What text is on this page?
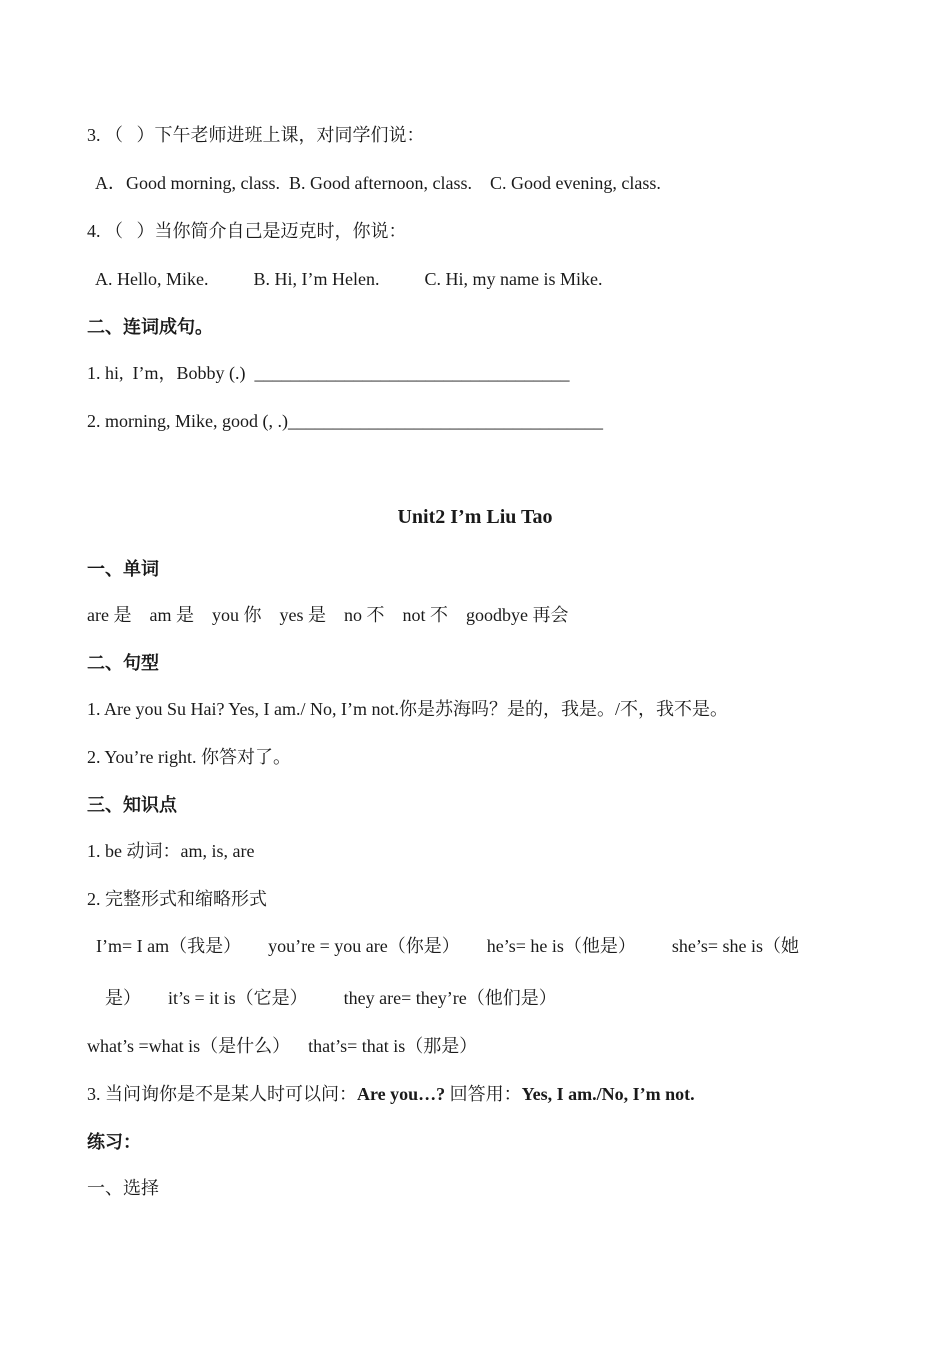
3. （   ）下午老师进班上课，对同学们说：
A．Good morning, class.  B. Good afternoon, class.    C. Good evening, class.
4. （   ）当你简介自己是迈克时，你说：
A. Hello, Mike.          B. Hi, I’m Helen.          C. Hi, my name is Mike.
二、连词成句。
1. hi,  I’m，Bobby (.)  ___________________________________
2. morning, Mike, good (, .)___________________________________
Unit2 I’m Liu Tao
一、单词
are 是    am 是    you 你    yes 是    no 不    not 不    goodbye 再会
二、句型
1. Are you Su Hai? Yes, I am./ No, I’m not.你是苏海吗？是的，我是。/不，我不是。
2. You’re right. 你答对了。
三、知识点
1. be 动词：am, is, are
2. 完整形式和缩略形式
I’m= I am（我是）      you’re = you are（你是）      he’s= he is（他是）        she’s= she is（她
是）      it’s = it is（它是）        they are= they’re（他们是）
what’s =what is（是什么）    that’s= that is（那是）
3. 当问询你是不是某人时可以问：Are you…? 回答用：Yes, I am./No, I’m not.
练习：
一、选择
